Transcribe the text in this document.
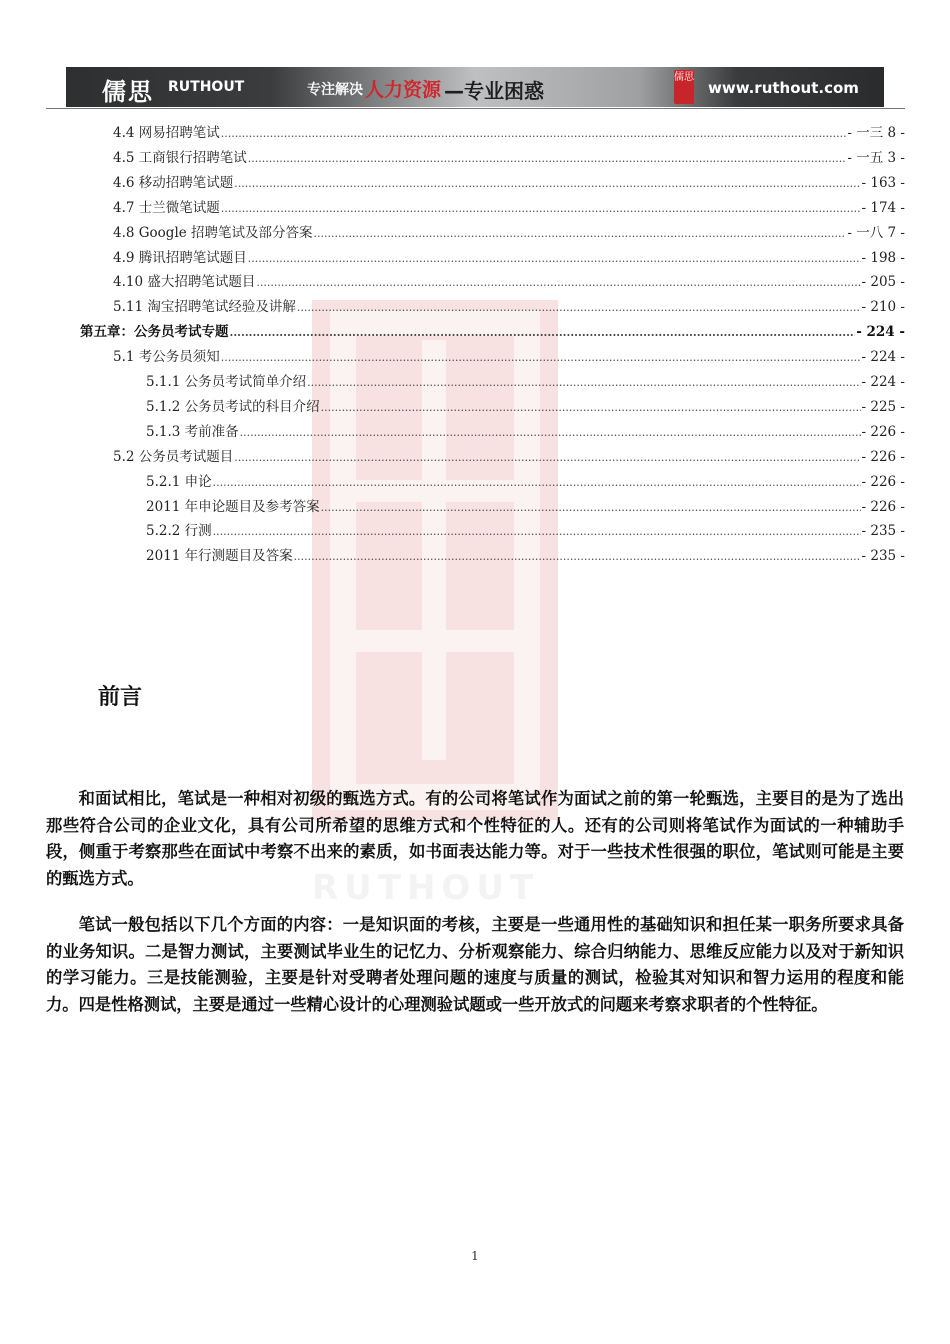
儒思 RUTHOUT	专注解决 人力资源 —专业困惑
儒思
www.ruthout.com
RUTHOUT
4.4 网易招聘笔试 .....	- 一三 8 -
4.5 工商银行招聘笔试 .....	- 一五 3 -
4.6 移动招聘笔试题 .....	- 163 -
4.7 士兰微笔试题 .....	- 174 -
4.8 Google 招聘笔试及部分答案 .....	- 一八 7 -
4.9 腾讯招聘笔试题目 .....	- 198 -
4.10 盛大招聘笔试题目 .....	- 205 -
5.11 淘宝招聘笔试经验及讲解 .....	- 210 -
第五章：公务员考试专题 .....	- 224 -
5.1 考公务员须知 .....	- 224 -
5.1.1 公务员考试简单介绍 .....	- 224 -
5.1.2 公务员考试的科目介绍 .....	- 225 -
5.1.3 考前准备 .....	- 226 -
5.2 公务员考试题目 .....	- 226 -
5.2.1 申论 .....	- 226 -
2011 年申论题目及参考答案 .....	- 226 -
5.2.2 行测 .....	- 235 -
2011 年行测题目及答案 .....	- 235 -
前言

和面试相比，笔试是一种相对初级的甄选方式。有的公司将笔试作为面试之前的第一轮甄选，主要目的是为了选出那些符合公司的企业文化，具有公司所希望的思维方式和个性特征的人。还有的公司则将笔试作为面试的一种辅助手段，侧重于考察那些在面试中考察不出来的素质，如书面表达能力等。对于一些技术性很强的职位，笔试则可能是主要的甄选方式。

笔试一般包括以下几个方面的内容：一是知识面的考核，主要是一些通用性的基础知识和担任某一职务所要求具备的业务知识。二是智力测试，主要测试毕业生的记忆力、分析观察能力、综合归纳能力、思维反应能力以及对于新知识的学习能力。三是技能测验，主要是针对受聘者处理问题的速度与质量的测试，检验其对知识和智力运用的程度和能力。四是性格测试，主要是通过一些精心设计的心理测验试题或一些开放式的问题来考察求职者的个性特征。

1
